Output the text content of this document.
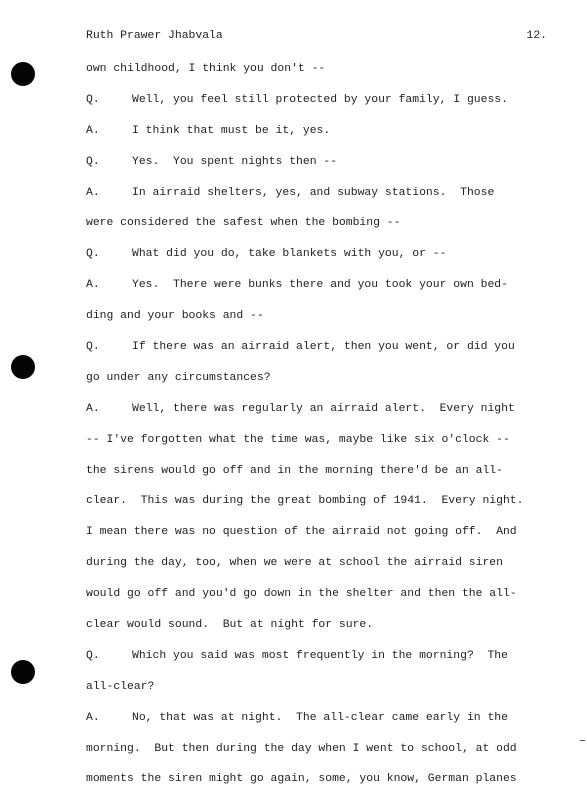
Ruth Prawer Jhabvala	12.
own childhood, I think you don't --
Q.	Well, you feel still protected by your family, I guess.
A.	I think that must be it, yes.
Q.	Yes.  You spent nights then --
A.	In airraid shelters, yes, and subway stations.  Those
were considered the safest when the bombing --
Q.	What did you do, take blankets with you, or --
A.	Yes.  There were bunks there and you took your own bed-
ding and your books and --
Q.	If there was an airraid alert, then you went, or did you
go under any circumstances?
A.	Well, there was regularly an airraid alert.  Every night
-- I've forgotten what the time was, maybe like six o'clock --
the sirens would go off and in the morning there'd be an all-
clear.  This was during the great bombing of 1941.  Every night.
I mean there was no question of the airraid not going off.  And
during the day, too, when we were at school the airraid siren
would go off and you'd go down in the shelter and then the all-
clear would sound.  But at night for sure.
Q.	Which you said was most frequently in the morning?  The
all-clear?
A.	No, that was at night.  The all-clear came early in the
morning.  But then during the day when I went to school, at odd
moments the siren might go again, some, you know, German planes
